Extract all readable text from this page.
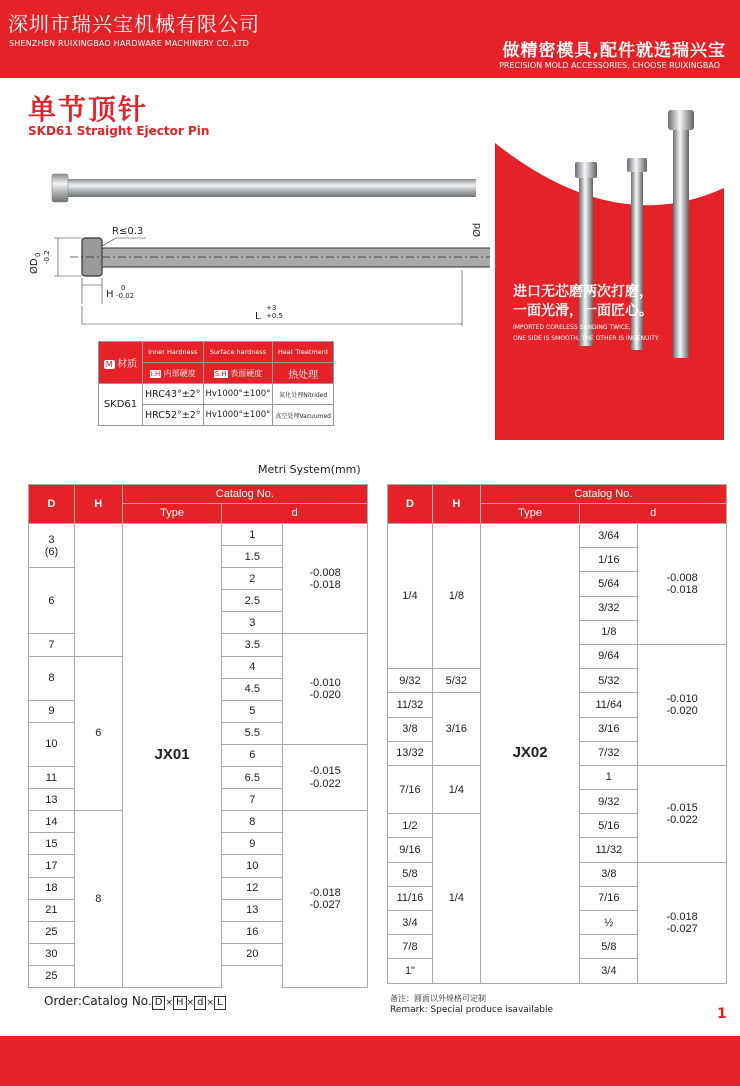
深圳市瑞兴宝机械有限公司
SHENZHEN RUIXINGBAO HARDWARE MACHINERY CO.,LTD	做精密模具,配件就选瑞兴宝
PRECISION MOLD ACCESSORIES, CHOOSE RUIXINGBAO
单节顶针
SKD61 Straight Ejector Pin
R≤0.3	Ød
ØD
0 -0.2
H
0
-0.02
L
+3
+0.5
M 材质	Inner Hardness	Surface hardness	Heat Treatment
	I.H 内部硬度	S.H 表面硬度	热处理
SKD61	HRC43°±2°	Hv1000°±100°	氮化处理Nitrided
	HRC52°±2°	Hv1000°±100°	真空处理Vacuumed
进口无芯磨两次打磨，
一面光滑，一面匠心。
IMPORTED CORELESS SANDING TWICE,
ONE SIDE IS SMOOTH, THE OTHER IS INGENUITY.
Metri System(mm)
D	H	Catalog No.		
		Type	d	
3
(6)		JX01	1	-0.008
-0.018
			1.5	
6			2	
			2.5	
			3	
7			3.5	-0.010
-0.020
8	6		4	
			4.5	
9			5	
10			5.5	
			6	-0.015
-0.022
11			6.5	
13			7	
14	8		8	-0.018
-0.027
15			9	
17			10	
18			12	
21			13	
25			16	
30			20	
25				
D	H	Catalog No.		
		Type	d	
1/4	1/8	JX02	3/64	-0.008
-0.018
			1/16	
			5/64	
			3/32	
			1/8	
			9/64	-0.010
-0.020
9/32	5/32		5/32	
11/32	3/16		11/64	
3/8			3/16	
13/32			7/32	
7/16	1/4		1	-0.015
-0.022
			9/32	
1/2	1/4		5/16	
9/16			11/32	
5/8			3/8	-0.018
-0.027
11/16			7/16	
3/4			½	
7/8			5/8	
1"			3/4	
Order:Catalog No. D × H × d × L	备注：圆面以外规格可定制
Remark: Special produce isavailable	1
